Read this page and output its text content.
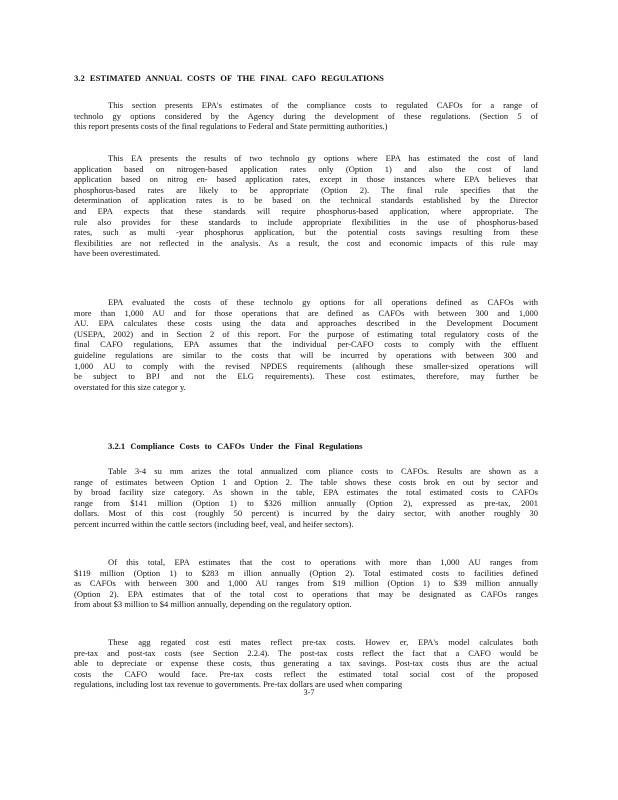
3.2 ESTIMATED ANNUAL COSTS OF THE FINAL CAFO REGULATIONS
This section presents EPA's estimates of the compliance costs to regulated CAFOs for a range of
technolo gy options considered by the Agency during the development of these regulations. (Section 5 of
this report presents costs of the final regulations to Federal and State permitting authorities.)
This EA presents the results of two technolo gy options where EPA has estimated the cost of land
application based on nitrogen-based application rates only (Option 1) and also the cost of land
application based on nitrog en- based application rates, except in those instances where EPA believes that
phosphorus-based rates are likely to be appropriate (Option 2). The final rule specifies that the
determination of application rates is to be based on the technical standards established by the Director
and EPA expects that these standards will require phosphorus-based application, where appropriate. The
rule also provides for these standards to include appropriate flexibilities in the use of phosphorus-based
rates, such as multi -year phosphorus application, but the potential costs savings resulting from these
flexibilities are not reflected in the analysis. As a result, the cost and economic impacts of this rule may
have been overestimated.
EPA evaluated the costs of these technolo gy options for all operations defined as CAFOs with
more than 1,000 AU and for those operations that are defined as CAFOs with between 300 and 1,000
AU. EPA calculates these costs using the data and approaches described in the Development Document
(USEPA, 2002) and in Section 2 of this report. For the purpose of estimating total regulatory costs of the
final CAFO regulations, EPA assumes that the individual per-CAFO costs to comply with the effluent
guideline regulations are similar to the costs that will be incurred by operations with between 300 and
1,000 AU to comply with the revised NPDES requirements (although these smaller-sized operations will
be subject to BPJ and not the ELG requirements). These cost estimates, therefore, may further be
overstated for this size categor y.
3.2.1 Compliance Costs to CAFOs Under the Final Regulations
Table 3-4 su mm arizes the total annualized com pliance costs to CAFOs. Results are shown as a
range of estimates between Option 1 and Option 2. The table shows these costs brok en out by sector and
by broad facility size category. As shown in the table, EPA estimates the total estimated costs to CAFOs
range from $141 million (Option 1) to $326 million annually (Option 2), expressed as pre-tax, 2001
dollars. Most of this cost (roughly 50 percent) is incurred by the dairy sector, with another roughly 30
percent incurred within the cattle sectors (including beef, veal, and heifer sectors).
Of this total, EPA estimates that the cost to operations with more than 1,000 AU ranges from
$119 million (Option 1) to $283 m illion annually (Option 2). Total estimated costs to facilities defined
as CAFOs with between 300 and 1,000 AU ranges from $19 million (Option 1) to $39 million annually
(Option 2). EPA estimates that of the total cost to operations that may be designated as CAFOs ranges
from about $3 million to $4 million annually, depending on the regulatory option.
These agg regated cost esti mates reflect pre-tax costs. Howev er, EPA's model calculates both
pre-tax and post-tax costs (see Section 2.2.4). The post-tax costs reflect the fact that a CAFO would be
able to depreciate or expense these costs, thus generating a tax savings. Post-tax costs thus are the actual
costs the CAFO would face. Pre-tax costs reflect the estimated total social cost of the proposed
regulations, including lost tax revenue to governments. Pre-tax dollars are used when comparing
3-7
